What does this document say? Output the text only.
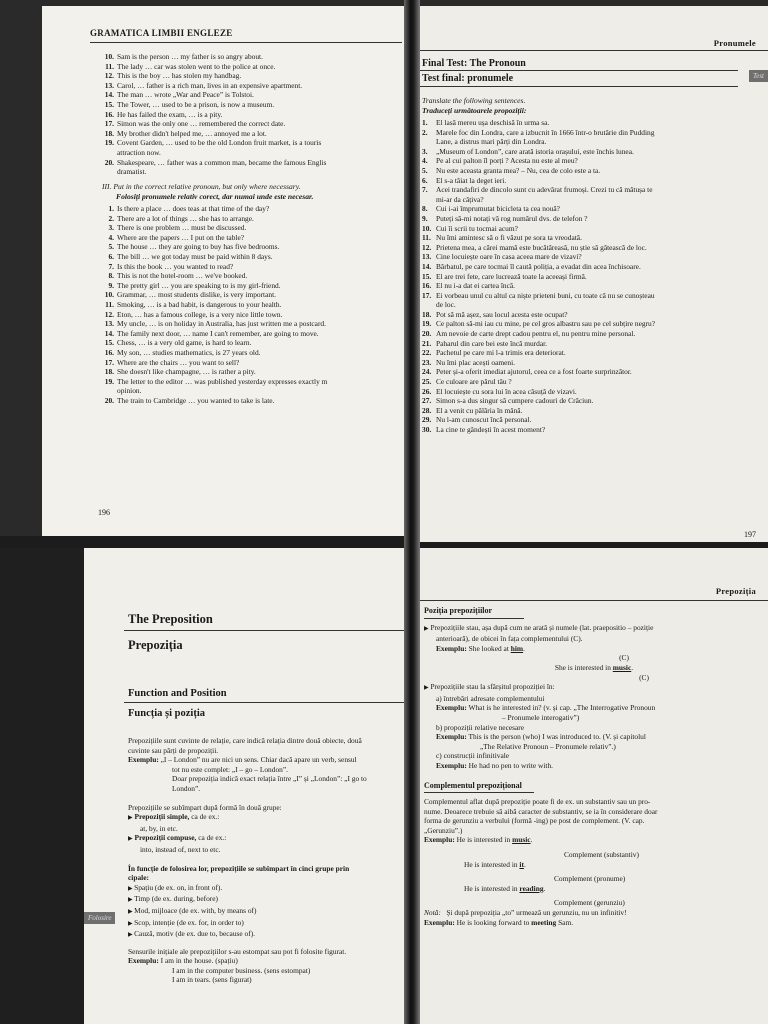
GRAMATICA LIMBII ENGLEZE
10. Sam is the person … my father is so angry about.
11. The lady … car was stolen went to the police at once.
12. This is the boy … has stolen my handbag.
13. Carol, … father is a rich man, lives in an expensive apartment.
14. The man … wrote „War and Peace” is Tolstoi.
15. The Tower, … used to be a prison, is now a museum.
16. He has failed the exam, … is a pity.
17. Simon was the only one … remembered the correct date.
18. My brother didn't helped me, … annoyed me a lot.
19. Covent Garden, … used to be the old London fruit market, is a touris
attraction now.
20. Shakespeare, … father was a common man, became the famous Englis
dramatist.
III. Put in the correct relative pronoun, but only where necessary.
Folosiți pronumele relativ corect, dar numai unde este necesar.
1. Is there a place … does teas at that time of the day?
2. There are a lot of things … she has to arrange.
3. There is one problem … must be discussed.
4. Where are the papers … I put on the table?
5. The house … they are going to buy has five bedrooms.
6. The bill … we got today must be paid within 8 days.
7. Is this the book … you wanted to read?
8. This is not the hotel-room … we've booked.
9. The pretty girl … you are speaking to is my girl-friend.
10. Grammar, … most students dislike, is very important.
11. Smoking, … is a bad habit, is dangerous to your health.
12. Eton, … has a famous college, is a very nice little town.
13. My uncle, … is on holiday in Australia, has just written me a postcard.
14. The family next door, … name I can't remember, are going to move.
15. Chess, … is a very old game, is hard to learn.
16. My son, … studies mathematics, is 27 years old.
17. Where are the chairs … you want to sell?
18. She doesn't like champagne, … is rather a pity.
19. The letter to the editor … was published yesterday expresses exactly m
opinion.
20. The train to Cambridge … you wanted to take is late.
196
Pronumele
Final Test: The Pronoun
Test final: pronumele	Test
Translate the following sentences.
Traduceți următoarele propoziții:
1. El lasă mereu ușa deschisă în urma sa.
2. Marele foc din Londra, care a izbucnit în 1666 într-o brutărie din Pudding
Lane, a distrus mari părți din Londra.
3. „Museum of London”, care arată istoria orașului, este închis lunea.
4. Pe al cui palton îl porți ? Acesta nu este al meu?
5. Nu este aceasta granta mea? – Nu, cea de colo este a ta.
6. El s-a tăiat la deget ieri.
7. Acei trandafiri de dincolo sunt cu adevărat frumoși. Crezi tu că mătușa te
mi-ar da câțiva?
8. Cui i-ai împrumutat bicicleta ta cea nouă?
9. Puteți să-mi notați vă rog numărul dvs. de telefon ?
10. Cui îi scrii tu tocmai acum?
11. Nu îmi amintesc să o fi văzut pe sora ta vreodată.
12. Prietena mea, a cărei mamă este bucătăreasă, nu știe să gătească de loc.
13. Cine locuiește oare în casa aceea mare de vizavi?
14. Bărbatul, pe care tocmai îl caută poliția, a evadat din acea închisoare.
15. El are trei fete, care lucrează toate la aceeași firmă.
16. El nu i-a dat ei cartea încă.
17. Ei vorbeau unul cu altul ca niște prieteni buni, cu toate că nu se cunoșteau
de loc.
18. Pot să mă așez, sau locul acesta este ocupat?
19. Ce palton să-mi iau cu mine, pe cel gros albastru sau pe cel subțire negru?
20. Am nevoie de carte drept cadou pentru el, nu pentru mine personal.
21. Paharul din care bei este încă murdar.
22. Pachetul pe care mi l-a trimis era deteriorat.
23. Nu îmi plac acești oameni.
24. Peter și-a oferit imediat ajutorul, ceea ce a fost foarte surprinzător.
25. Ce culoare are părul tău ?
26. El locuiește cu sora lui în acea căsuță de vizavi.
27. Simon s-a dus singur să cumpere cadouri de Crăciun.
28. El a venit cu pălăria în mână.
29. Nu l-am cunoscut încă personal.
30. La cine te gândești în acest moment?
197
The Preposition
Prepoziția
Function and Position
Funcția și poziția
Prepozițiile sunt cuvinte de relație, care indică relația dintre două obiecte, două
cuvinte sau părți de propoziții.
Exemplu: „I – London” nu are nici un sens. Chiar dacă apare un verb, sensul
tot nu este complet: „I – go – London”.
Doar prepoziția indică exact relația între „I” și „London”: „I go to
London”.
Prepozițiile se subîmpart după formă în două grupe:
▶ Prepoziții simple, ca de ex.:
at, by, in etc.
▶ Prepoziții compuse, ca de ex.:
into, instead of, next to etc.
În funcție de folosirea lor, prepozițiile se subîmpart în cinci grupe prin
cipale:
▶ Spațiu (de ex. on, in front of).
▶ Timp (de ex. during, before)
▶ Mod, mijloace (de ex. with, by means of)
▶ Scop, intenție (de ex. for, in order to)
▶ Cauză, motiv (de ex. due to, because of).
Sensurile inițiale ale prepozițiilor s-au estompat sau pot fi folosite figurat.
Exemplu: I am in the house. (spațiu)
I am in the computer business. (sens estompat)
I am in tears. (sens figurat)
Folosire
Prepoziția
Poziția prepozițiilor
▶ Prepozițiile stau, așa după cum ne arată și numele (lat. praepositio – poziție
anterioară), de obicei în fața complementului (C).
Exemplu: She looked at him.
(C)
She is interested in music.
(C)
▶ Prepozițiile stau la sfârșitul propoziției în:
a) întrebări adresate complementului
Exemplu: What is he interested in? (v. și cap. „The Interrogative Pronoun
– Pronumele interogativ”)
b) propoziții relative necesare
Exemplu: This is the person (who) I was introduced to. (V. și capitolul
„The Relative Pronoun – Pronumele relativ”.)
c) construcții infinitivale
Exemplu: He had no pen to write with.
Complementul prepozițional
Complementul aflat după prepoziție poate fi de ex. un substantiv sau un pro-
nume. Deoarece trebuie să aibă caracter de substantiv, se ia în considerare doar
forma de gerunziu a verbului (formă -ing) pe post de complement. (V. cap.
„Gerunziu”.)
Exemplu: He is interested in music.
Complement (substantiv)
He is interested in it.
Complement (pronume)
He is interested in reading.
Complement (gerunziu)
Notă: Și după prepoziția „to” urmează un gerunziu, nu un infinitiv!
Exemplu: He is looking forward to meeting Sam.
